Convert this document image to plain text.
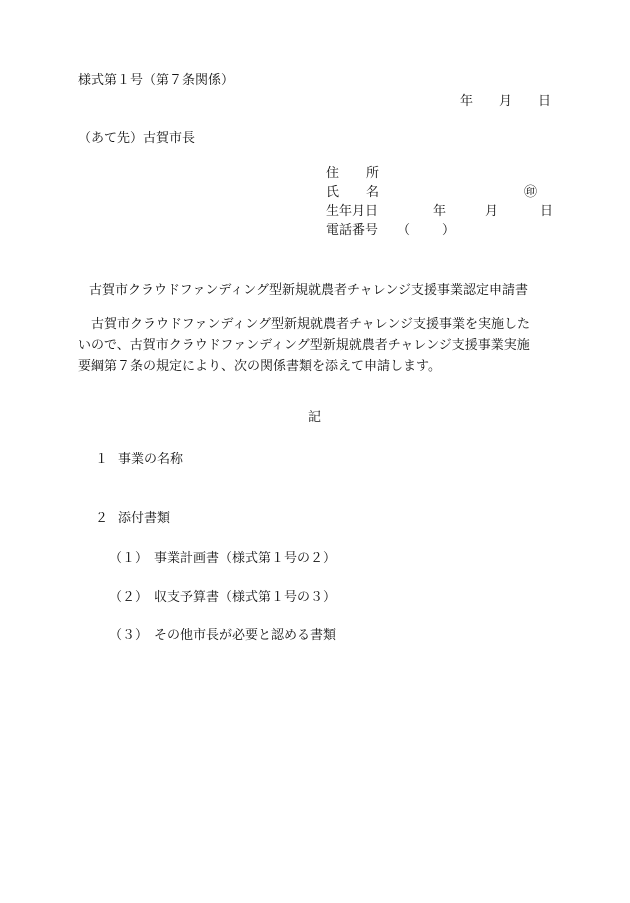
様式第１号（第７条関係）
年 月 日
（あて先）古賀市長
住 所
氏 名	㊞
生年月日	年	月	日
電話番号 （ ）
古賀市クラウドファンディング型新規就農者チャレンジ支援事業認定申請書
　古賀市クラウドファンディング型新規就農者チャレンジ支援事業を実施した
いので、古賀市クラウドファンディング型新規就農者チャレンジ支援事業実施
要綱第７条の規定により、次の関係書類を添えて申請します。
記
１ 事業の名称
２ 添付書類
（１） 事業計画書（様式第１号の２）
（２） 収支予算書（様式第１号の３）
（３） その他市長が必要と認める書類
